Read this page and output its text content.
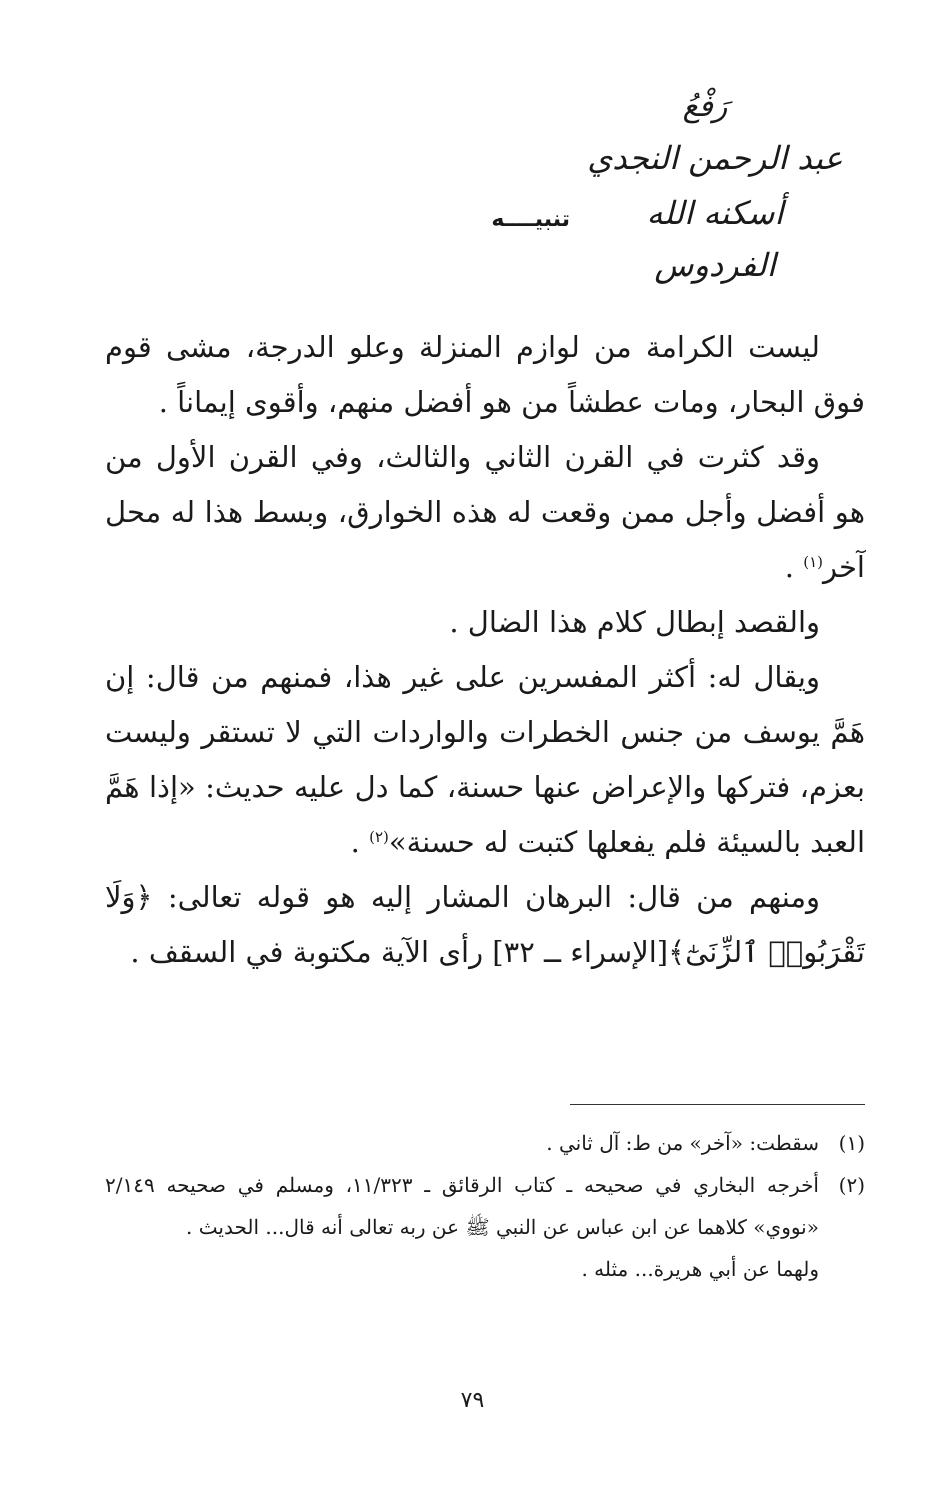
رَفْعُ
عبد الرحمن النجدي
أسكنه الله الفردوس
تنبيــــه

ليست الكرامة من لوازم المنزلة وعلو الدرجة، مشى قوم فوق البحار، ومات عطشاً من هو أفضل منهم، وأقوى إيماناً .

وقد كثرت في القرن الثاني والثالث، وفي القرن الأول من هو أفضل وأجل ممن وقعت له هذه الخوارق، وبسط هذا له محل آخر$^{(١)}$ .

والقصد إبطال كلام هذا الضال .

ويقال له: أكثر المفسرين على غير هذا، فمنهم من قال: إن هَمَّ يوسف من جنس الخطرات والواردات التي لا تستقر وليست بعزم، فتركها والإعراض عنها حسنة، كما دل عليه حديث: «إذا هَمَّ العبد بالسيئة فلم يفعلها كتبت له حسنة»$^{(٢)}$ .

ومنهم من قال: البرهان المشار إليه هو قوله تعالى: ﴿وَلَا تَقْرَبُوا۟ ٱلزِّنَىٰٓ﴾[الإسراء ــ ٣٢] رأى الآية مكتوبة في السقف .

(١)
سقطت: «آخر» من ط: آل ثاني .
(٢)
أخرجه البخاري في صحيحه ـ كتاب الرقائق ـ ١١/٣٢٣، ومسلم في صحيحه ٢/١٤٩ «نووي» كلاهما عن ابن عباس عن النبي ﷺ عن ربه تعالى أنه قال... الحديث .
ولهما عن أبي هريرة... مثله .
٧٩
